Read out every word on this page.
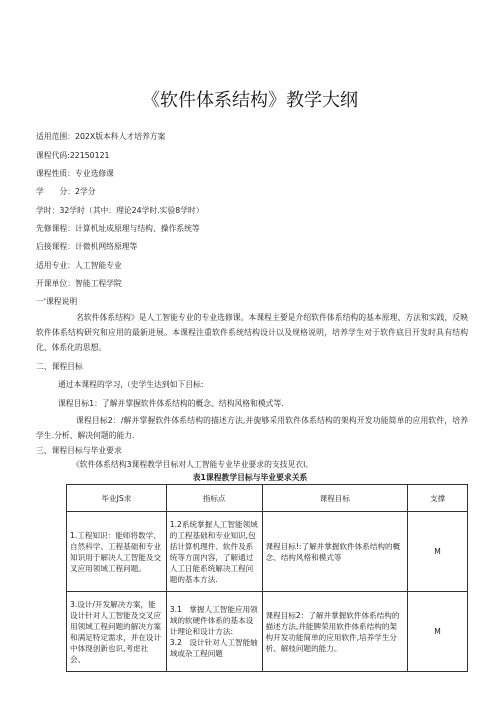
《软件体系结构》教学大纲
适用范围：202X版本科人才培养方案
课程代码:22150121
课程性质：专业选修课
学　　分：2学分
学时：32学时（其中：理论24学时.实验8学时）
先修课程：计算机址成原理与结构、操作系统等
后接课程：计微机网络原理等
适用专业：人工智能专业
开课单位：智能工程学院
一'课程说明
名软件体系结构》是人工智能专业的专业选修课。本课程主要是介绍软件体系结构的基本原理、方法和实践，反映软件体系结构研究和应用的最新进展。本课程注重软件系统结构设计以及规格说明，培养学生对于软件底目开发时具有结构化、体系化的思想。
二、课程目标
通过本课程的学习,（史学生达到如下目标:
课程目标1：了解并掌握软件体系结构的概念、结构风格和模式等.
课程目标2：/解并掌握软件体系结构的描述方法,并旎够采用软件体系结构的架构开发功能简单的应用软件，培养学生.分析、解决何题的能力.
三、课程目标与毕业要求
《软件体系结构3课程教学目标对人工智能专业毕业要求的支技见衣l。
表1课程教学目标与毕业要求关系
毕业JS求	指标点	课程目标	支撑
1.工程知识：能师将数学、自然科学、工程基础和专业知识用于解决人工智能及交叉应用领域工程问题。	1.2系统掌握人工智能领域的工程基础和专业知识,包括计算机理件、软件及系统等方面内容，了解通过人工日能系统解决工程问题的基本方法.	课程目标!:了解并掌握软件体系结构的概念、结构风格和模式等	M
3.设计/开发解决方案，能设计针对人工智能及交叉应用领域工程问题的解决方案和满足特定需求，并在设计中体现创新也识,考虑社会、	3.1　掌握人工智能应用领域的软硬件体系的基本设计理论和设计方法:
3.2　设计针对人工智能轴域或杂工程问题	课程目标2：了解并掌握软件体系结构的描述方法,并能脾荣用软件体系结构的架构开发功能简单的应用软件,培养学生分析、解枝问题的能力。	M
